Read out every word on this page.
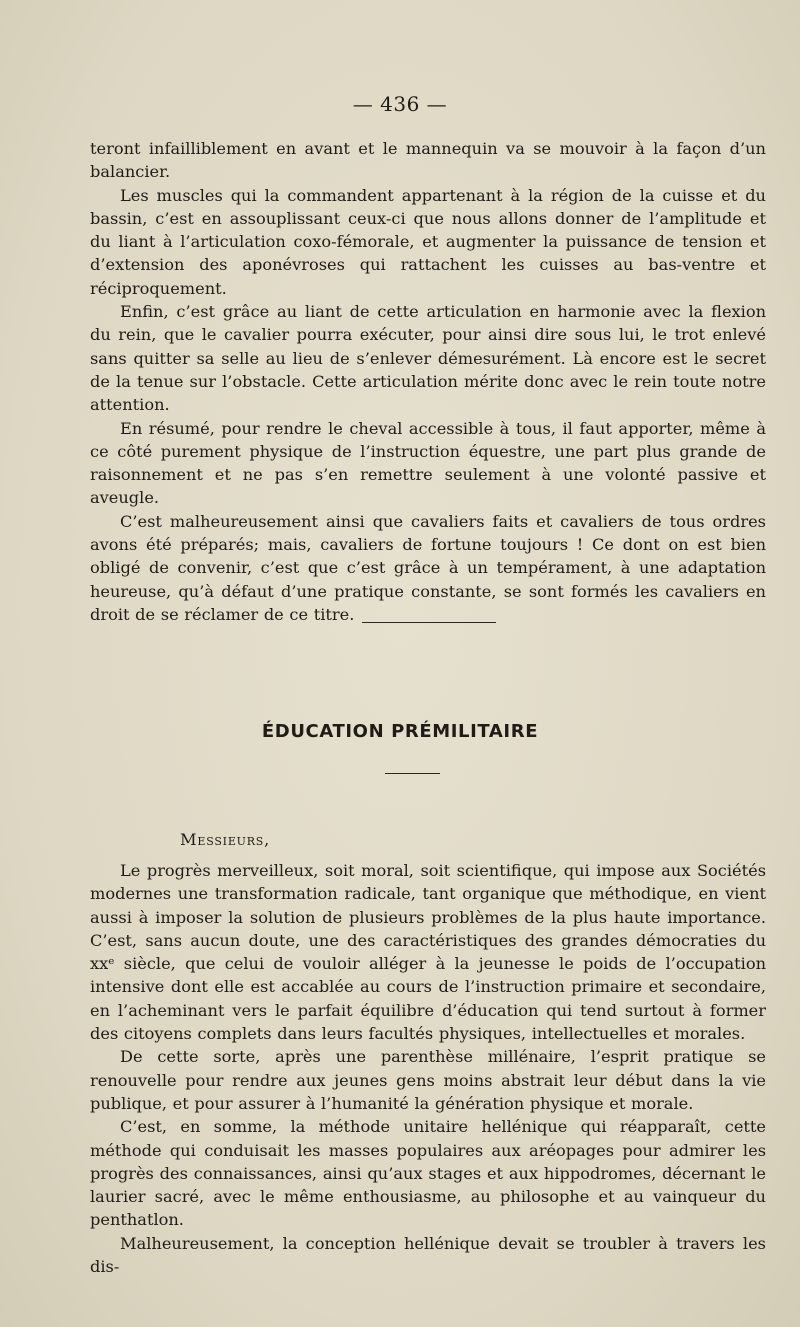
— 436 —

teront infailliblement en avant et le mannequin va se mouvoir à la façon d’un balancier.

Les muscles qui la commandent appartenant à la région de la cuisse et du bassin, c’est en assouplissant ceux-ci que nous allons donner de l’amplitude et du liant à l’articulation coxo-fémorale, et augmenter la puissance de tension et d’extension des aponévroses qui rattachent les cuisses au bas-ventre et réciproquement.

Enfin, c’est grâce au liant de cette articulation en harmonie avec la flexion du rein, que le cavalier pourra exécuter, pour ainsi dire sous lui, le trot enlevé sans quitter sa selle au lieu de s’enlever démesurément. Là encore est le secret de la tenue sur l’obstacle. Cette articulation mérite donc avec le rein toute notre attention.

En résumé, pour rendre le cheval accessible à tous, il faut apporter, même à ce côté purement physique de l’instruction équestre, une part plus grande de raisonnement et ne pas s’en remettre seulement à une volonté passive et aveugle.

C’est malheureusement ainsi que cavaliers faits et cavaliers de tous ordres avons été préparés; mais, cavaliers de fortune toujours ! Ce dont on est bien obligé de convenir, c’est que c’est grâce à un tempérament, à une adaptation heureuse, qu’à défaut d’une pratique constante, se sont formés les cavaliers en droit de se réclamer de ce titre.

ÉDUCATION PRÉMILITAIRE
Messieurs,

Le progrès merveilleux, soit moral, soit scientifique, qui impose aux Sociétés modernes une transformation radicale, tant organique que méthodique, en vient aussi à imposer la solution de plusieurs problèmes de la plus haute importance. C’est, sans aucun doute, une des caractéristiques des grandes démocraties du xxᵉ siècle, que celui de vouloir alléger à la jeunesse le poids de l’occupation intensive dont elle est accablée au cours de l’instruction primaire et secondaire, en l’acheminant vers le parfait équilibre d’éducation qui tend surtout à former des citoyens complets dans leurs facultés physiques, intellectuelles et morales.

De cette sorte, après une parenthèse millénaire, l’esprit pratique se renouvelle pour rendre aux jeunes gens moins abstrait leur début dans la vie publique, et pour assurer à l’humanité la génération physique et morale.

C’est, en somme, la méthode unitaire hellénique qui réapparaît, cette méthode qui conduisait les masses populaires aux aréopages pour admirer les progrès des connaissances, ainsi qu’aux stages et aux hippodromes, décernant le laurier sacré, avec le même enthousiasme, au philosophe et au vainqueur du penthatlon.

Malheureusement, la conception hellénique devait se troubler à travers les dis-
